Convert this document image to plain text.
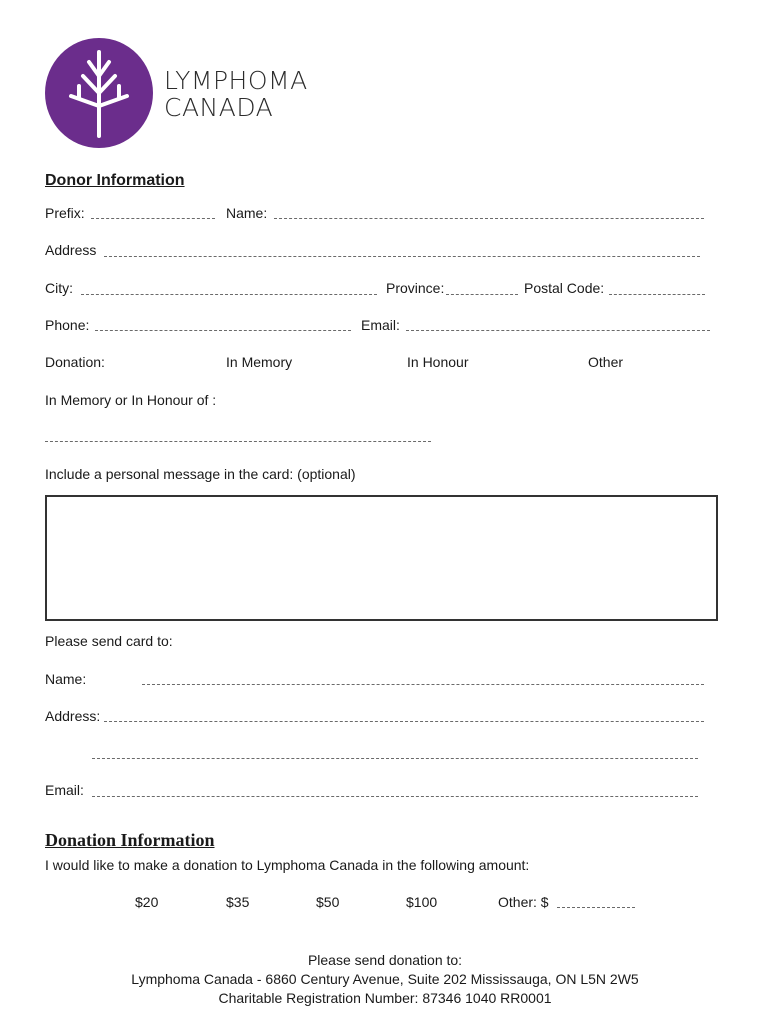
LYMPHOMA
CANADA
Donor Information
Prefix:	Name:
Address
City:	Province:	Postal Code:
Phone:	Email:
Donation:	In Memory	In Honour	Other
In Memory or In Honour of :
Include a personal message in the card: (optional)
Please send card to:
Name:
Address:
Email:
Donation Information
I would like to make a donation to Lymphoma Canada in the following amount:
$20	$35	$50	$100	Other: $
Please send donation to:
Lymphoma Canada - 6860 Century Avenue, Suite 202 Mississauga, ON L5N 2W5
Charitable Registration Number: 87346 1040 RR0001
